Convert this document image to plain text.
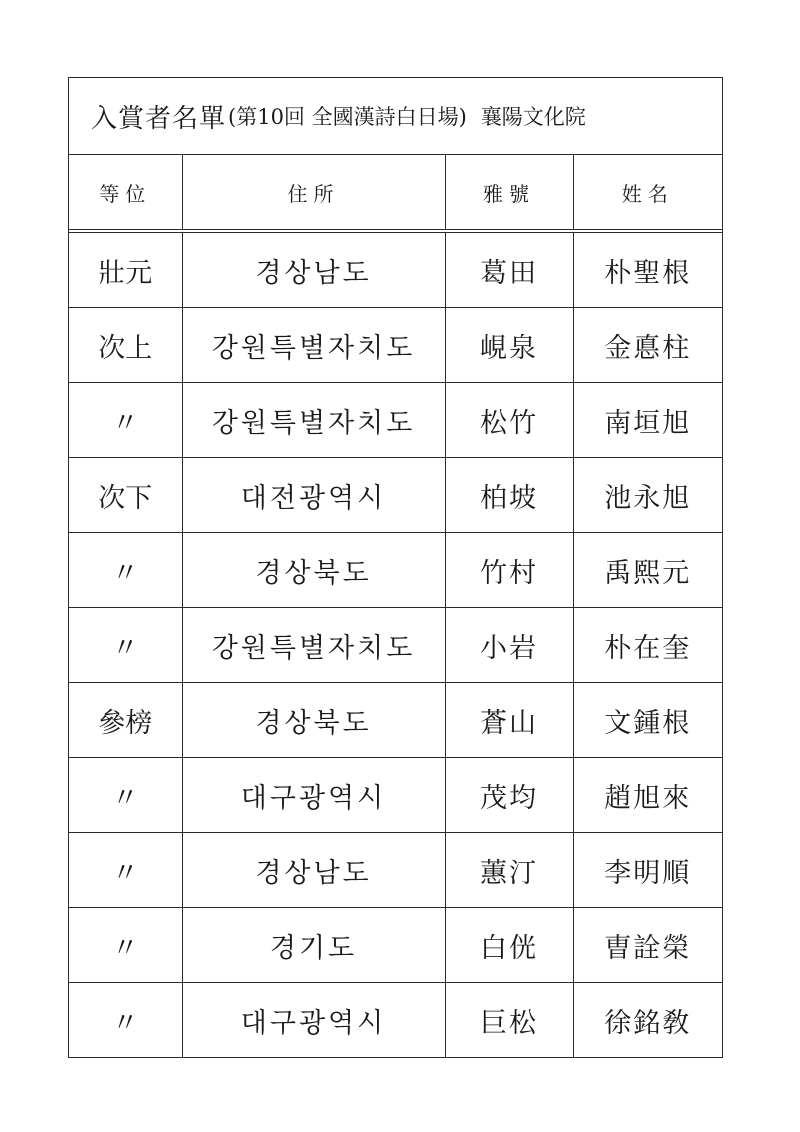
入賞者名單 (第10回 全國漢詩白日場) 襄陽文化院
等位	住所	雅號	姓名
壯元	경상남도	葛田	朴聖根
次上	강원특별자치도	峴泉	金悳柱
〃	강원특별자치도	松竹	南垣旭
次下	대전광역시	柏坡	池永旭
〃	경상북도	竹村	禹熙元
〃	강원특별자치도	小岩	朴在奎
參榜	경상북도	蒼山	文鍾根
〃	대구광역시	茂均	趙旭來
〃	경상남도	蕙汀	李明順
〃	경기도	白侊	曺詮榮
〃	대구광역시	巨松	徐銘敎
